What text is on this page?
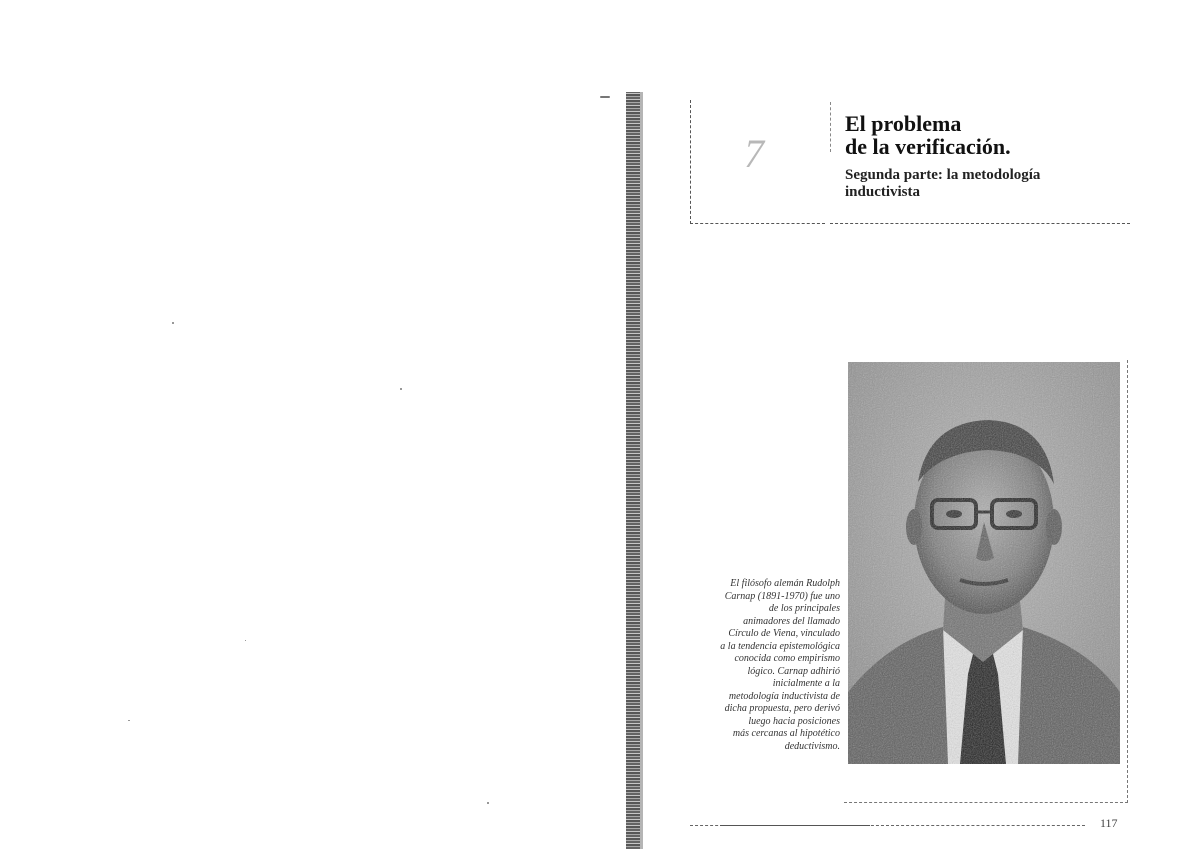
7
El problema
de la verificación.
Segunda parte: la metodología
inductivista

El filósofo alemán Rudolph
Carnap (1891-1970) fue uno
de los principales
animadores del llamado
Círculo de Viena, vinculado
a la tendencia epistemológica
conocida como empirismo
lógico. Carnap adhirió
inicialmente a la
metodología inductivista de
dicha propuesta, pero derivó
luego hacia posiciones
más cercanas al hipotético
deductivismo.

117
